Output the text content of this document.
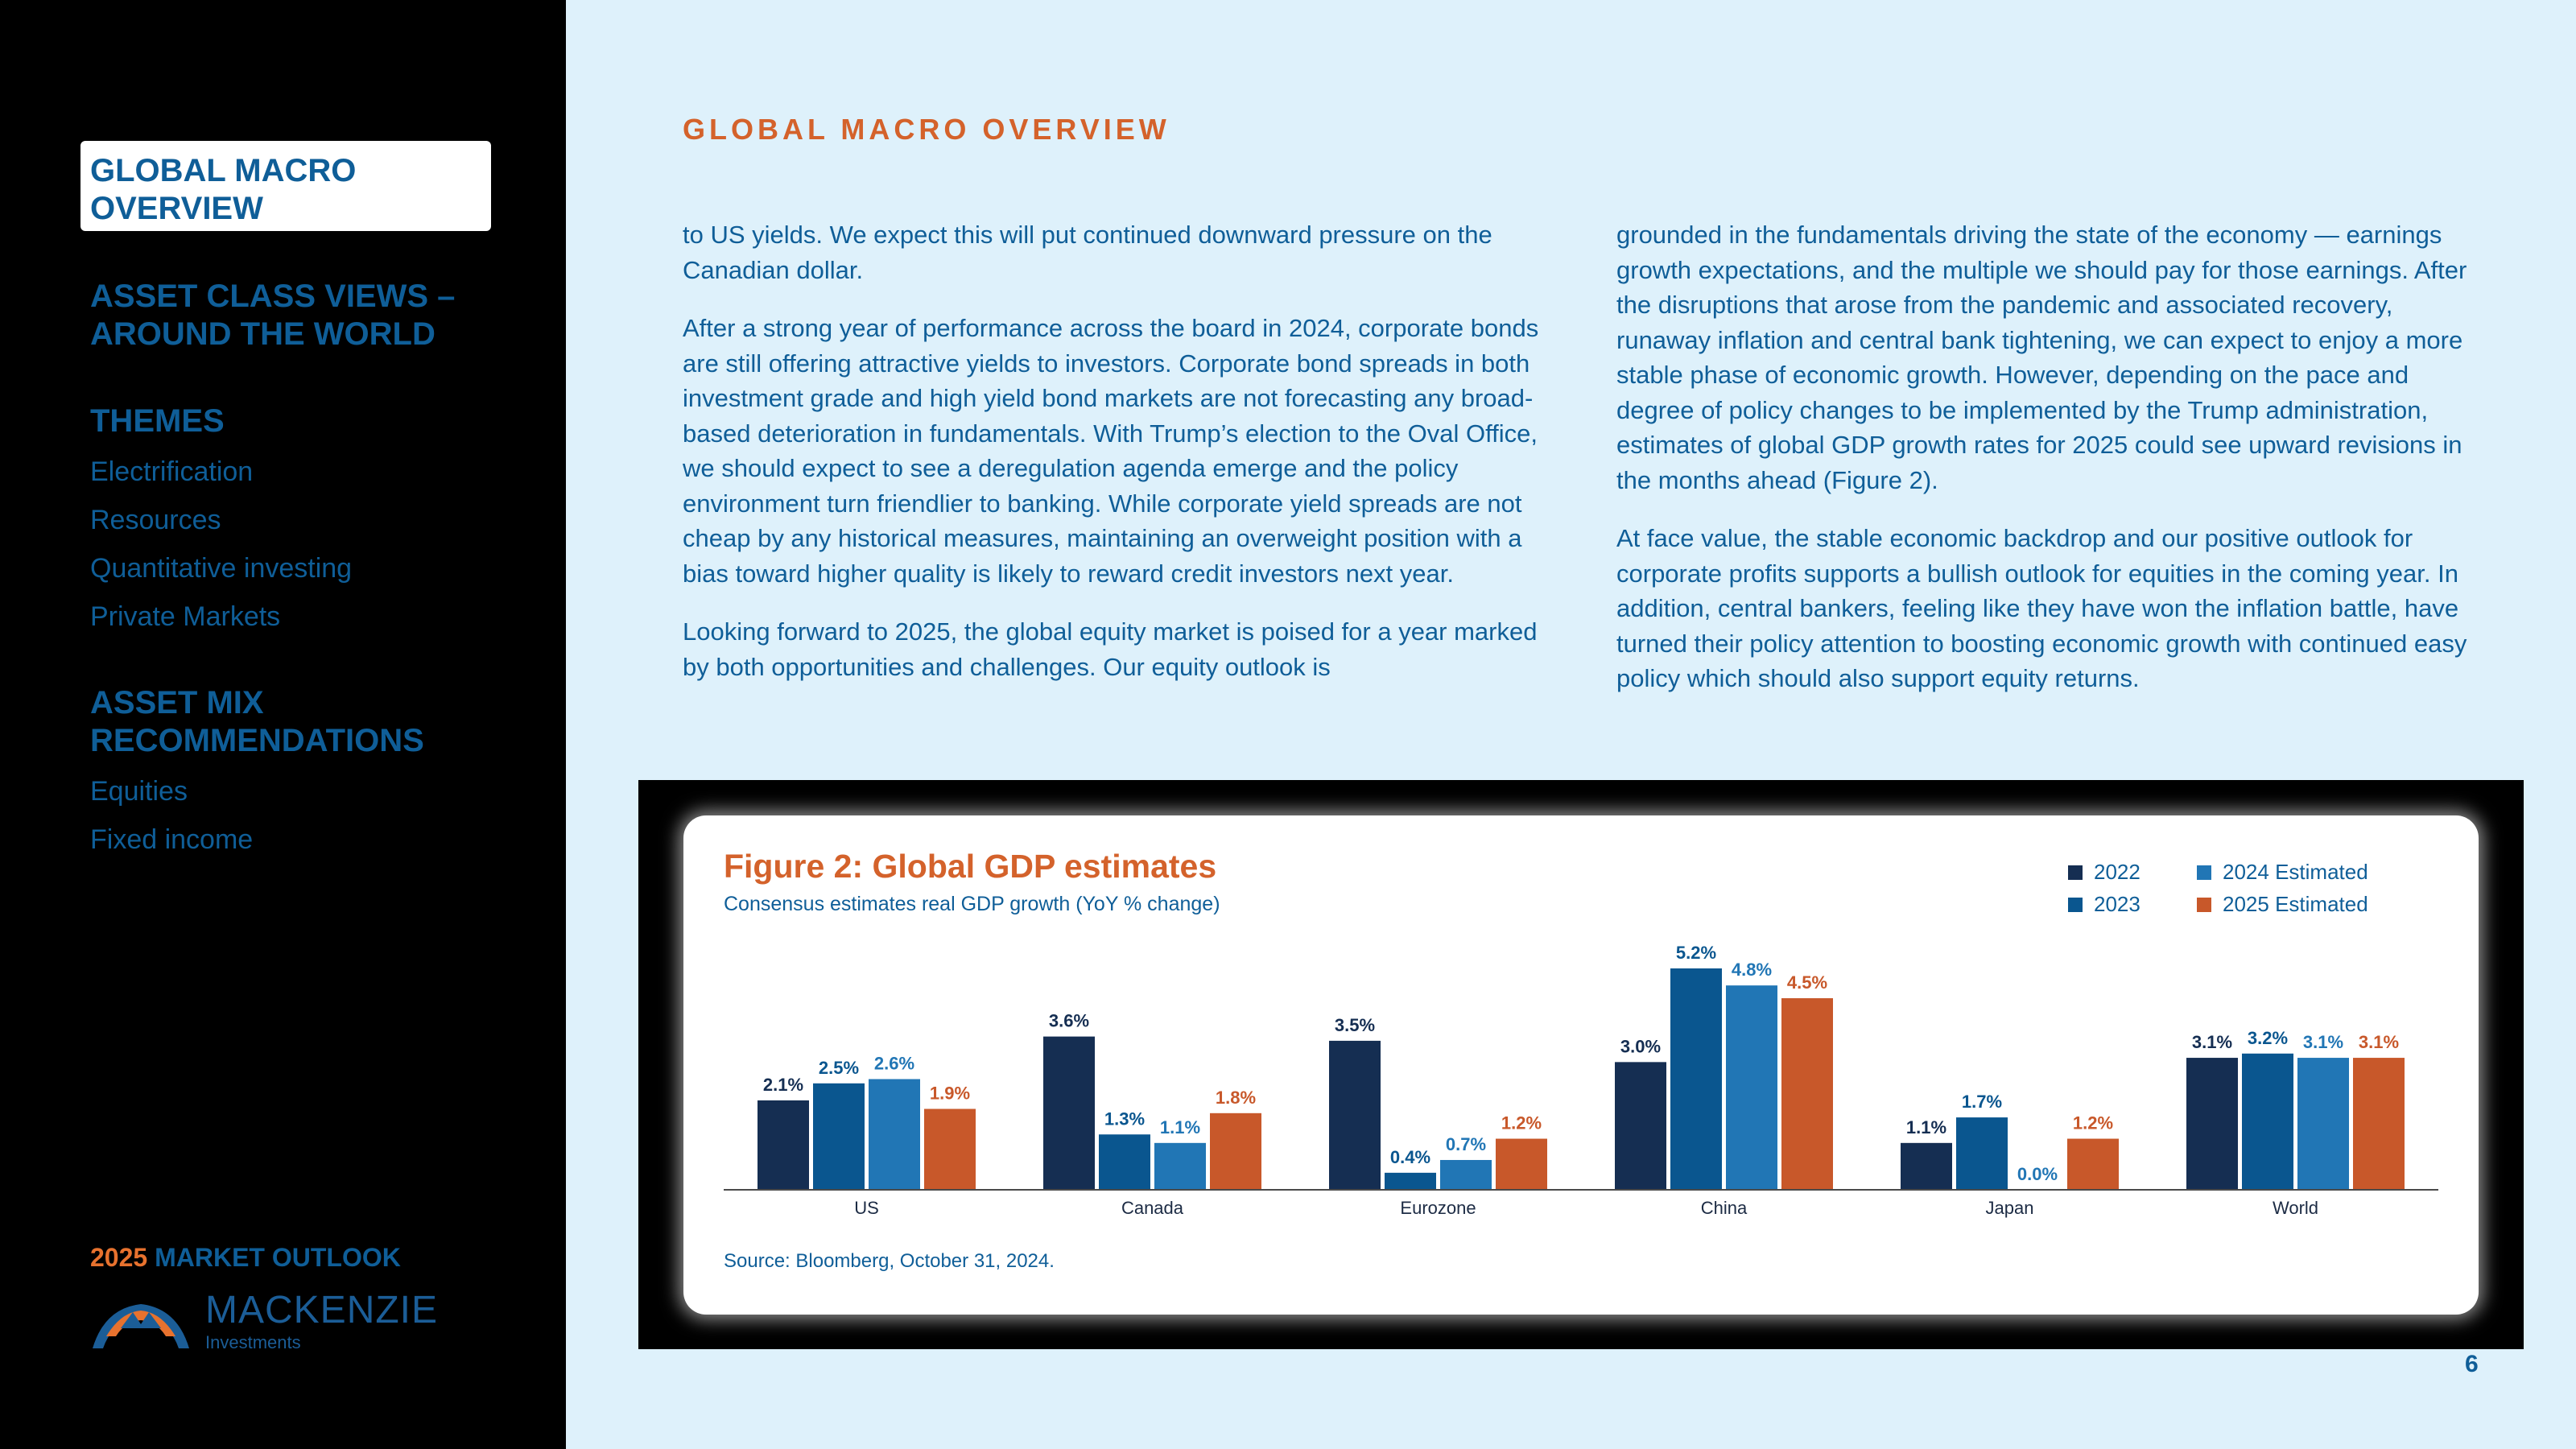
GLOBAL MACRO
OVERVIEW
ASSET CLASS VIEWS –
AROUND THE WORLD
THEMES
Electrification
Resources
Quantitative investing
Private Markets
ASSET MIX
RECOMMENDATIONS
Equities
Fixed income
2025 MARKET OUTLOOK
MACKENZIE
Investments
GLOBAL MACRO OVERVIEW

to US yields. We expect this will put continued downward pressure on the Canadian dollar.

After a strong year of performance across the board in 2024, corporate bonds are still offering attractive yields to investors. Corporate bond spreads in both investment grade and high yield bond markets are not forecasting any broad-based deterioration in fundamentals. With Trump’s election to the Oval Office, we should expect to see a deregulation agenda emerge and the policy environment turn friendlier to banking. While corporate yield spreads are not cheap by any historical measures, maintaining an overweight position with a bias toward higher quality is likely to reward credit investors next year.

Looking forward to 2025, the global equity market is poised for a year marked by both opportunities and challenges. Our equity outlook is

grounded in the fundamentals driving the state of the economy — earnings growth expectations, and the multiple we should pay for those earnings. After the disruptions that arose from the pandemic and associated recovery, runaway inflation and central bank tightening, we can expect to enjoy a more stable phase of economic growth. However, depending on the pace and degree of policy changes to be implemented by the Trump administration, estimates of global GDP growth rates for 2025 could see upward revisions in the months ahead (Figure 2).

At face value, the stable economic backdrop and our positive outlook for corporate profits supports a bullish outlook for equities in the coming year. In addition, central bankers, feeling like they have won the inflation battle, have turned their policy attention to boosting economic growth with continued easy policy which should also support equity returns.

2.1%
2.5% 2.6%
1.9%
US
3.6%
1.3% 1.1%
1.8%
Canada
3.5%
0.4%
0.7%
1.2%
Eurozone
3.0%
5.2%
4.8%
4.5%
China
1.1%
1.7%
0.0%
1.2%
Japan
3.1% 3.2% 3.1% 3.1%
World
Figure 2: Global GDP estimates
Consensus estimates real GDP growth (YoY % change)
2022
2023
2024 Estimated
2025 Estimated
Source: Bloomberg, October 31, 2024.
6
